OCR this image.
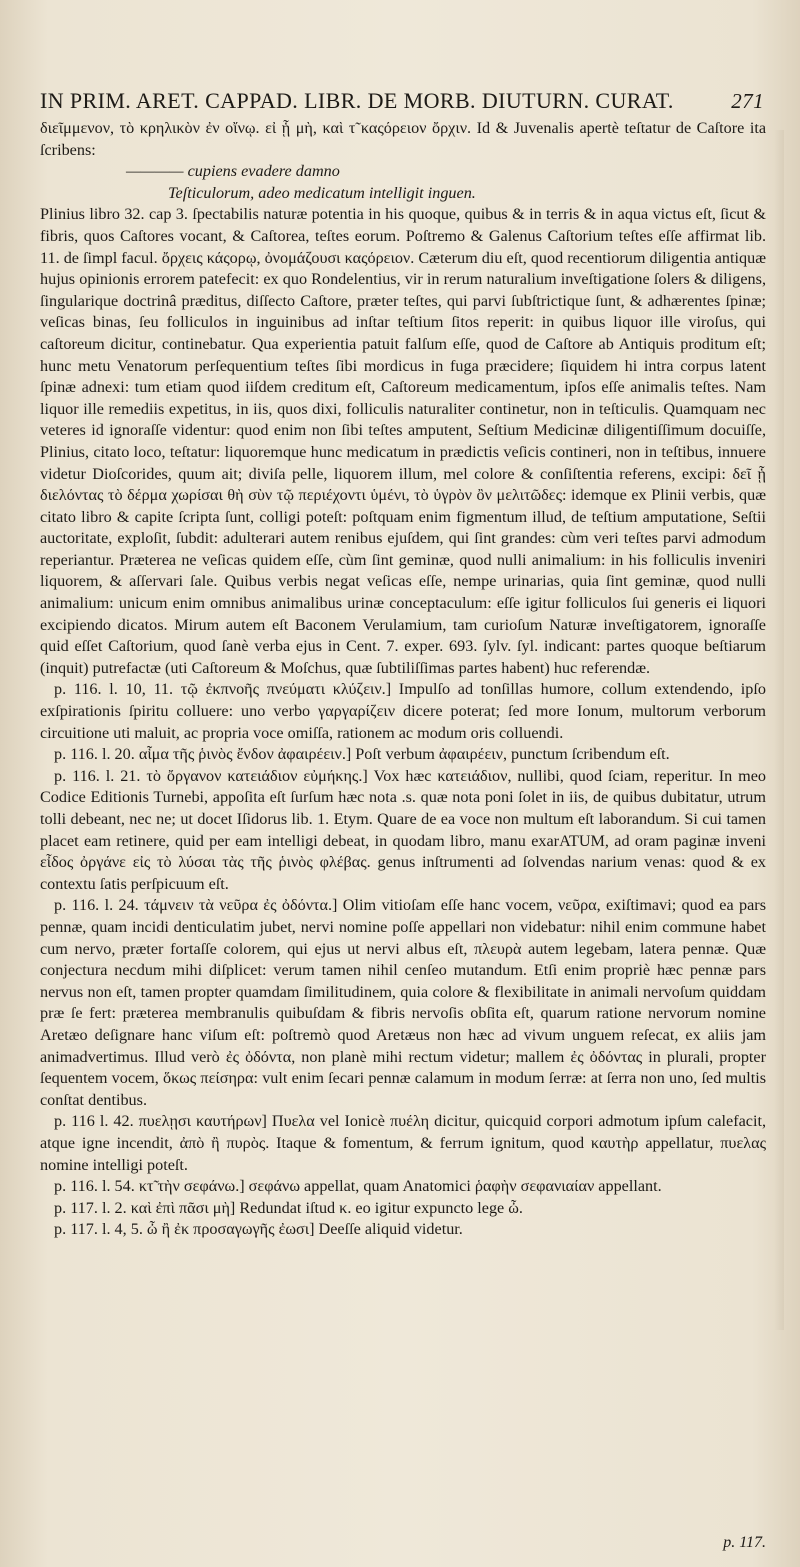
IN PRIM. ARET. CAPPAD. LIBR. DE MORB. DIUTURN. CURAT.	271

διεῖμμενον, τὸ κρηλικὸν ἐν οἴνῳ. εἰ ᾗ μὴ, καὶ τ̃ καςόρειον ὄρχιν. Id & Juvenalis apertè teſtatur de Caſtore ita ſcribens:

———— cupiens evadere damno

Teſticulorum, adeo medicatum intelligit inguen.

Plinius libro 32. cap 3. ſpectabilis naturæ potentia in his quoque, quibus & in terris & in aqua victus eſt, ſicut & fibris, quos Caſtores vocant, & Caſtorea, teſtes eorum. Poſtremo & Galenus Caſtorium teſtes eſſe affirmat lib. 11. de ſimpl facul. ὄρχεις κάςορῳ, ὀνομάζουσι καςόρειον. Cæterum diu eſt, quod recentiorum diligentia antiquæ hujus opinionis errorem patefecit: ex quo Rondelentius, vir in rerum naturalium inveſtigatione ſolers & diligens, ſingularique doctrinâ præditus, diſſecto Caſtore, præter teſtes, qui parvi ſubſtrictique ſunt, & adhærentes ſpinæ; veſicas binas, ſeu folliculos in inguinibus ad inſtar teſtium ſitos reperit: in quibus liquor ille viroſus, qui caſtoreum dicitur, continebatur. Qua experientia patuit falſum eſſe, quod de Caſtore ab Antiquis proditum eſt; hunc metu Venatorum perſequentium teſtes ſibi mordicus in fuga præcidere; ſiquidem hi intra corpus latent ſpinæ adnexi: tum etiam quod iiſdem creditum eſt, Caſtoreum medicamentum, ipſos eſſe animalis teſtes. Nam liquor ille remediis expetitus, in iis, quos dixi, folliculis naturaliter continetur, non in teſticulis. Quamquam nec veteres id ignoraſſe videntur: quod enim non ſibi teſtes amputent, Seſtium Medicinæ diligentiſſimum docuiſſe, Plinius, citato loco, teſtatur: liquoremque hunc medicatum in prædictis veſicis contineri, non in teſtibus, innuere videtur Dioſcorides, quum ait; diviſa pelle, liquorem illum, mel colore & conſiſtentia referens, excipi: δεῖ ᾗ διελόντας τὸ δέρμα χωρίσαι θὴ σὺν τῷ περιέχοντι ὑμένι, τὸ ὑγρὸν ὂν μελιτῶδες: idemque ex Plinii verbis, quæ citato libro & capite ſcripta ſunt, colligi poteſt: poſtquam enim figmentum illud, de teſtium amputatione, Seſtii auctoritate, exploſit, ſubdit: adulterari autem renibus ejuſdem, qui ſint grandes: cùm veri teſtes parvi admodum reperiantur. Præterea ne veſicas quidem eſſe, cùm ſint geminæ, quod nulli animalium: in his folliculis inveniri liquorem, & aſſervari ſale. Quibus verbis negat veſicas eſſe, nempe urinarias, quia ſint geminæ, quod nulli animalium: unicum enim omnibus animalibus urinæ conceptaculum: eſſe igitur folliculos ſui generis ei liquori excipiendo dicatos. Mirum autem eſt Baconem Verulamium, tam curioſum Naturæ inveſtigatorem, ignoraſſe quid eſſet Caſtorium, quod ſanè verba ejus in Cent. 7. exper. 693. ſylv. ſyl. indicant: partes quoque beſtiarum (inquit) putrefactæ (uti Caſtoreum & Moſchus, quæ ſubtiliſſimas partes habent) huc referendæ.

p. 116. l. 10, 11. τῷ ἐκπνοῆς πνεύματι κλύζειν.] Impulſo ad tonſillas humore, collum extendendo, ipſo exſpirationis ſpiritu colluere: uno verbo γαργαρίζειν dicere poterat; ſed more Ionum, multorum verborum circuitione uti maluit, ac propria voce omiſſa, rationem ac modum oris colluendi.

p. 116. l. 20. αἷμα τῆς ῥινὸς ἔνδον ἀφαιρέειν.] Poſt verbum ἀφαιρέειν, punctum ſcribendum eſt.

p. 116. l. 21. τὸ ὄργανον κατειάδιον εὐμήκης.] Vox hæc κατειάδιον, nullibi, quod ſciam, reperitur. In meo Codice Editionis Turnebi, appoſita eſt ſurſum hæc nota .s. quæ nota poni ſolet in iis, de quibus dubitatur, utrum tolli debeant, nec ne; ut docet Iſidorus lib. 1. Etym. Quare de ea voce non multum eſt laborandum. Si cui tamen placet eam retinere, quid per eam intelligi debeat, in quodam libro, manu exarATUM, ad oram paginæ inveni εἶδος ὀργάνε εἰς τὸ λύσαι τὰς τῆς ῥινὸς φλέβας. genus inſtrumenti ad ſolvendas narium venas: quod & ex contextu ſatis perſpicuum eſt.

p. 116. l. 24. τάμνειν τὰ νεῦρα ἐς ὀδόντα.] Olim vitioſam eſſe hanc vocem, νεῦρα, exiſtimavi; quod ea pars pennæ, quam incidi denticulatim jubet, nervi nomine poſſe appellari non videbatur: nihil enim commune habet cum nervo, præter fortaſſe colorem, qui ejus ut nervi albus eſt, πλευρὰ autem legebam, latera pennæ. Quæ conjectura necdum mihi diſplicet: verum tamen nihil cenſeo mutandum. Etſi enim propriè hæc pennæ pars nervus non eſt, tamen propter quamdam ſimilitudinem, quia colore & flexibilitate in animali nervoſum quiddam præ ſe fert: præterea membranulis quibuſdam & fibris nervoſis obſita eſt, quarum ratione nervorum nomine Aretæo deſignare hanc viſum eſt: poſtremò quod Aretæus non hæc ad vivum unguem reſecat, ex aliis jam animadvertimus. Illud verò ἐς ὀδόντα, non planè mihi rectum videtur; mallem ἐς ὀδόντας in plurali, propter ſequentem vocem, ὅκως πείσηρα: vult enim ſecari pennæ calamum in modum ſerræ: at ſerra non uno, ſed multis conſtat dentibus.

p. 116 l. 42. πυελῃσι καυτήρων] Πυελα vel Ionicè πυέλη dicitur, quicquid corpori admotum ipſum calefacit, atque igne incendit, ἀπὸ ἢ πυρὸς. Itaque & fomentum, & ferrum ignitum, quod καυτὴρ appellatur, πυελας nomine intelligi poteſt.

p. 116. l. 54. κτ̃ τὴν σεφάνω.] σεφάνω appellat, quam Anatomici ῥαφὴν σεφανιαίαν appellant.

p. 117. l. 2. καὶ ἐπὶ πᾶσι μὴ] Redundat iſtud κ. eo igitur expuncto lege ὦ.

p. 117. l. 4, 5. ὦ ἢ ἐκ προσαγωγῆς ἐωσι] Deeſſe aliquid videtur.

p. 117.
